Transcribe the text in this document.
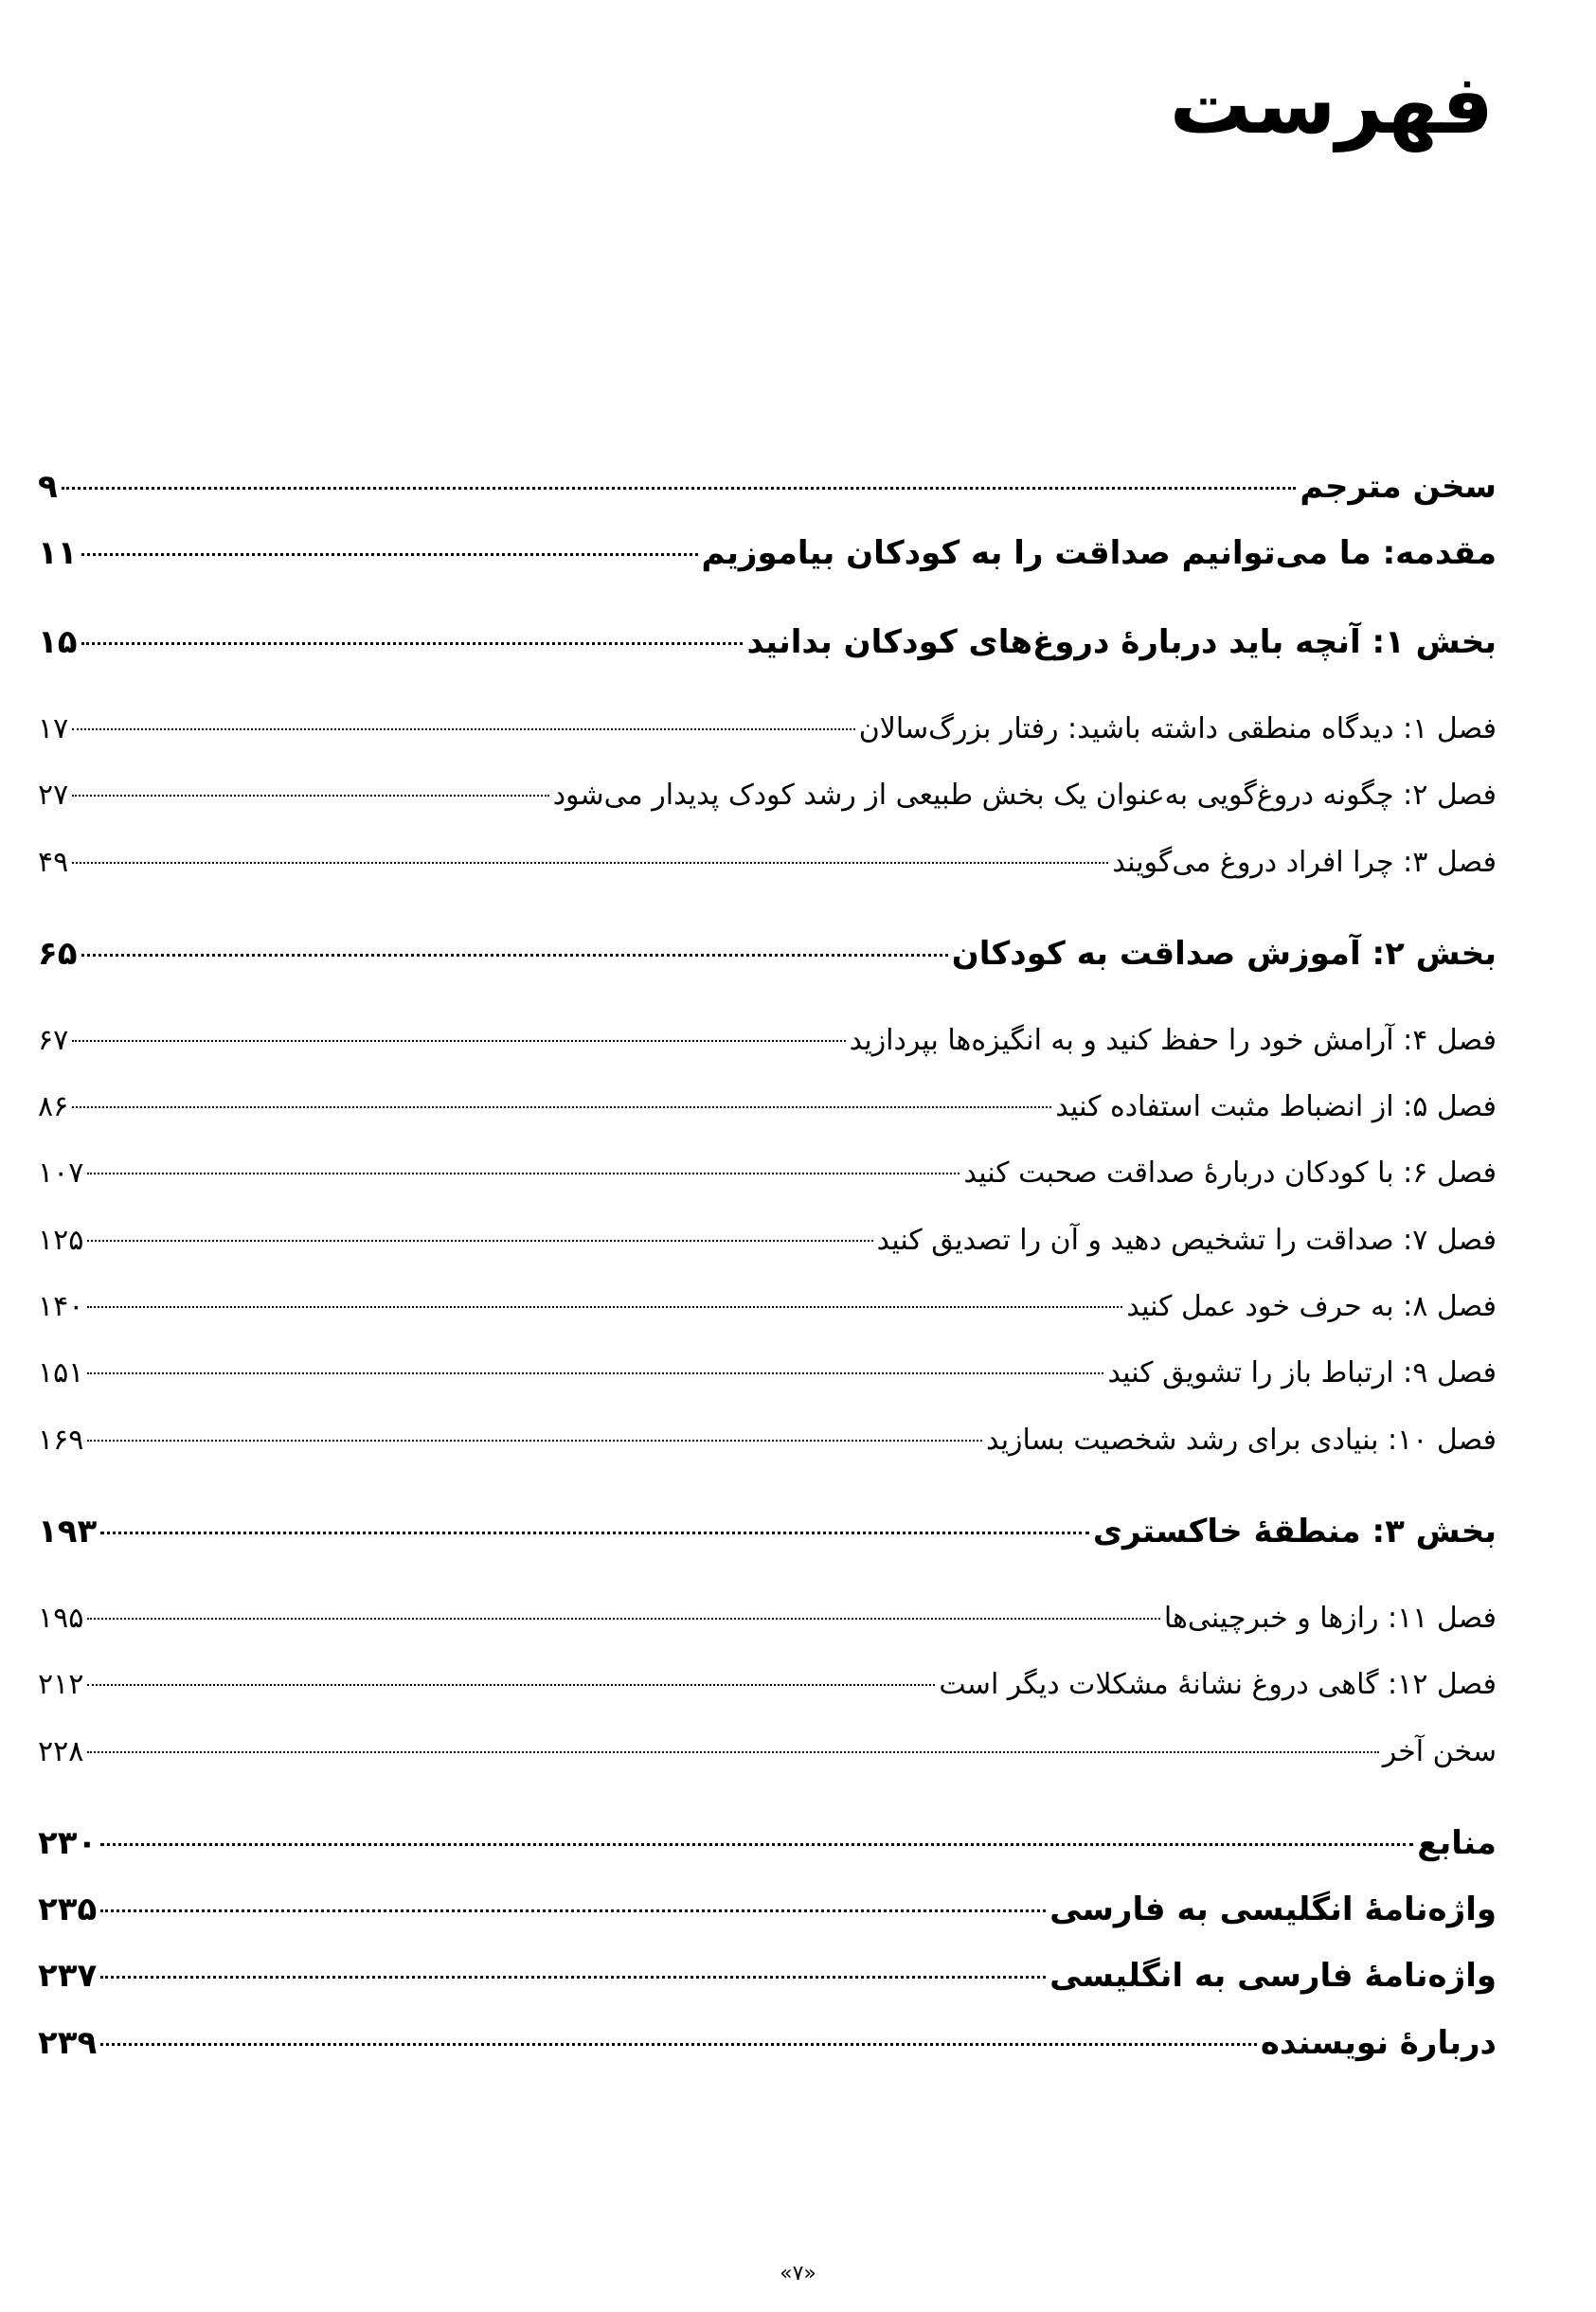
فهرست
سخن مترجم
۹
مقدمه: ما می‌توانیم صداقت را به کودکان بیاموزیم
۱۱
بخش ۱: آنچه باید دربارهٔ دروغ‌های کودکان بدانید
۱۵
فصل ۱: دیدگاه منطقی داشته باشید: رفتار بزرگ‌سالان
۱۷
فصل ۲: چگونه دروغ‌گویی به‌عنوان یک بخش طبیعی از رشد کودک پدیدار می‌شود
۲۷
فصل ۳: چرا افراد دروغ می‌گویند
۴۹
بخش ۲: آموزش صداقت به کودکان
۶۵
فصل ۴: آرامش خود را حفظ کنید و به انگیزه‌ها بپردازید
۶۷
فصل ۵: از انضباط مثبت استفاده کنید
۸۶
فصل ۶: با کودکان دربارهٔ صداقت صحبت کنید
۱۰۷
فصل ۷: صداقت را تشخیص دهید و آن را تصدیق کنید
۱۲۵
فصل ۸: به حرف خود عمل کنید
۱۴۰
فصل ۹: ارتباط باز را تشویق کنید
۱۵۱
فصل ۱۰: بنیادی برای رشد شخصیت بسازید
۱۶۹
بخش ۳: منطقهٔ خاکستری
۱۹۳
فصل ۱۱: رازها و خبرچینی‌ها
۱۹۵
فصل ۱۲: گاهی دروغ نشانهٔ مشکلات دیگر است
۲۱۲
سخن آخر
۲۲۸
منابع
۲۳۰
واژه‌نامهٔ انگلیسی به فارسی
۲۳۵
واژه‌نامهٔ فارسی به انگلیسی
۲۳۷
دربارهٔ نویسنده
۲۳۹
«۷»
